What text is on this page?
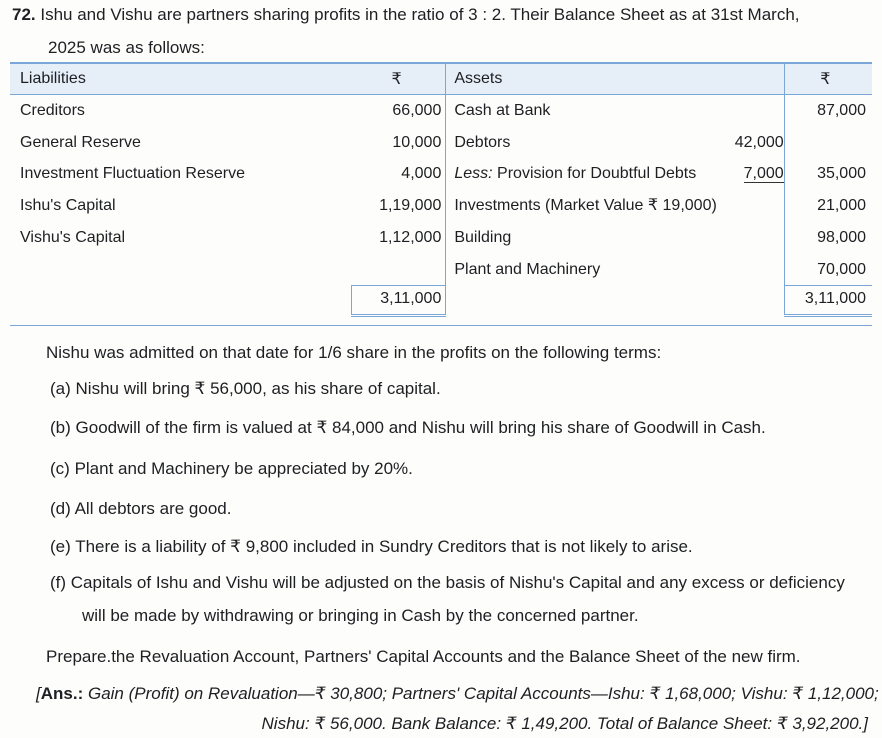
72. Ishu and Vishu are partners sharing profits in the ratio of 3 : 2. Their Balance Sheet as at 31st March,
2025 was as follows:
Liabilities	₹	Assets		₹
Creditors	66,000	Cash at Bank		87,000
General Reserve	10,000	Debtors	42,000	
Investment Fluctuation Reserve	4,000	Less: Provision for Doubtful Debts	7,000	35,000
Ishu's Capital	1,19,000	Investments (Market Value ₹ 19,000)		21,000
Vishu's Capital	1,12,000	Building		98,000
		Plant and Machinery		70,000
	3,11,000			3,11,000
Nishu was admitted on that date for 1/6 share in the profits on the following terms:
(a) Nishu will bring ₹ 56,000, as his share of capital.
(b) Goodwill of the firm is valued at ₹ 84,000 and Nishu will bring his share of Goodwill in Cash.
(c) Plant and Machinery be appreciated by 20%.
(d) All debtors are good.
(e) There is a liability of ₹ 9,800 included in Sundry Creditors that is not likely to arise.
(f) Capitals of Ishu and Vishu will be adjusted on the basis of Nishu's Capital and any excess or deficiency
will be made by withdrawing or bringing in Cash by the concerned partner.
Prepare.the Revaluation Account, Partners' Capital Accounts and the Balance Sheet of the new firm.
[Ans.: Gain (Profit) on Revaluation—₹ 30,800; Partners' Capital Accounts—Ishu: ₹ 1,68,000; Vishu: ₹ 1,12,000;
Nishu: ₹ 56,000. Bank Balance: ₹ 1,49,200. Total of Balance Sheet: ₹ 3,92,200.]
